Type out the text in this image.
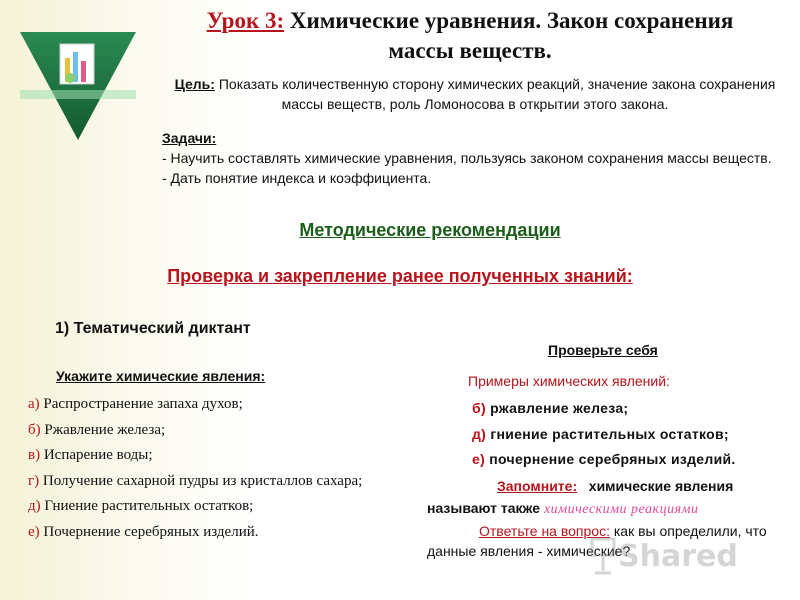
Урок 3: Химические уравнения. Закон сохранения
массы веществ.
Цель: Показать количественную сторону химических реакций, значение закона сохранения массы веществ, роль Ломоносова в открытии этого закона.
Задачи:
- Научить составлять химические уравнения, пользуясь законом сохранения массы веществ.
- Дать понятие индекса и коэффициента.
Методические рекомендации
Проверка и закрепление ранее полученных знаний:
1) Тематический диктант
Укажите химические явления:
а) Распространение запаха духов;
б) Ржавление железа;
в) Испарение воды;
г) Получение сахарной пудры из кристаллов сахара;
д) Гниение растительных остатков;
е) Почернение серебряных изделий.
Проверьте себя
Примеры химических явлений:
б) ржавление железа;
д) гниение растительных остатков;
е) почернение серебряных изделий.
Запомните: химические явления
называют также химическими реакциями
Ответьте на вопрос: как вы определили, что данные явления - химические?
Shared
